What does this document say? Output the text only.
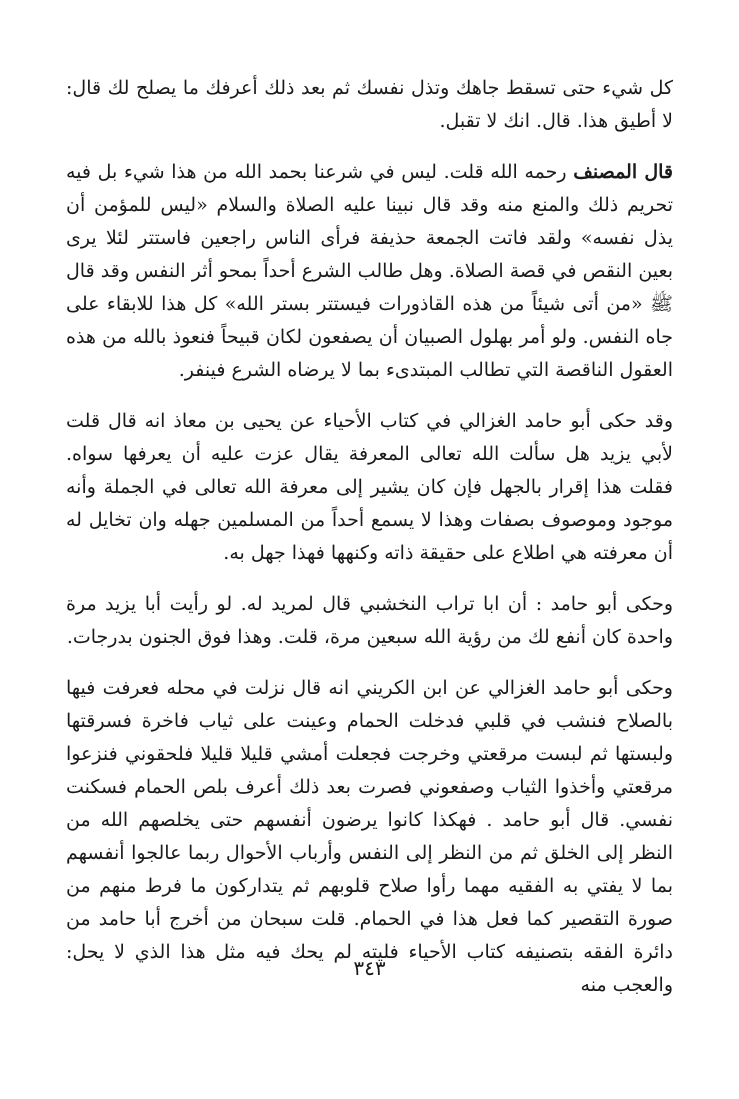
كل شيء حتى تسقط جاهك وتذل نفسك ثم بعد ذلك أعرفك ما يصلح لك قال: لا أطيق هذا. قال. انك لا تقبل.

قال المصنف رحمه الله قلت. ليس في شرعنا بحمد الله من هذا شيء بل فيه تحريم ذلك والمنع منه وقد قال نبينا عليه الصلاة والسلام «ليس للمؤمن أن يذل نفسه» ولقد فاتت الجمعة حذيفة فرأى الناس راجعين فاستتر لئلا يرى بعين النقص في قصة الصلاة. وهل طالب الشرع أحداً بمحو أثر النفس وقد قال ﷺ «من أتى شيئاً من هذه القاذورات فيستتر بستر الله» كل هذا للابقاء على جاه النفس. ولو أمر بهلول الصبيان أن يصفعون لكان قبيحاً فنعوذ بالله من هذه العقول الناقصة التي تطالب المبتدىء بما لا يرضاه الشرع فينفر.

وقد حكى أبو حامد الغزالي في كتاب الأحياء عن يحيى بن معاذ انه قال قلت لأبي يزيد هل سألت الله تعالى المعرفة يقال عزت عليه أن يعرفها سواه. فقلت هذا إقرار بالجهل فإن كان يشير إلى معرفة الله تعالى في الجملة وأنه موجود وموصوف بصفات وهذا لا يسمع أحداً من المسلمين جهله وان تخايل له أن معرفته هي اطلاع على حقيقة ذاته وكنهها فهذا جهل به.

وحكى أبو حامد : أن ابا تراب النخشبي قال لمريد له. لو رأيت أبا يزيد مرة واحدة كان أنفع لك من رؤية الله سبعين مرة، قلت. وهذا فوق الجنون بدرجات.

وحكى أبو حامد الغزالي عن ابن الكريني انه قال نزلت في محله فعرفت فيها بالصلاح فنشب في قلبي فدخلت الحمام وعينت على ثياب فاخرة فسرقتها ولبستها ثم لبست مرقعتي وخرجت فجعلت أمشي قليلا قليلا فلحقوني فنزعوا مرقعتي وأخذوا الثياب وصفعوني فصرت بعد ذلك أعرف بلص الحمام فسكنت نفسي. قال أبو حامد . فهكذا كانوا يرضون أنفسهم حتى يخلصهم الله من النظر إلى الخلق ثم من النظر إلى النفس وأرباب الأحوال ربما عالجوا أنفسهم بما لا يفتي به الفقيه مهما رأوا صلاح قلوبهم ثم يتداركون ما فرط منهم من صورة التقصير كما فعل هذا في الحمام. قلت سبحان من أخرج أبا حامد من دائرة الفقه بتصنيفه كتاب الأحياء فليته لم يحك فيه مثل هذا الذي لا يحل: والعجب منه

٣٤٣
